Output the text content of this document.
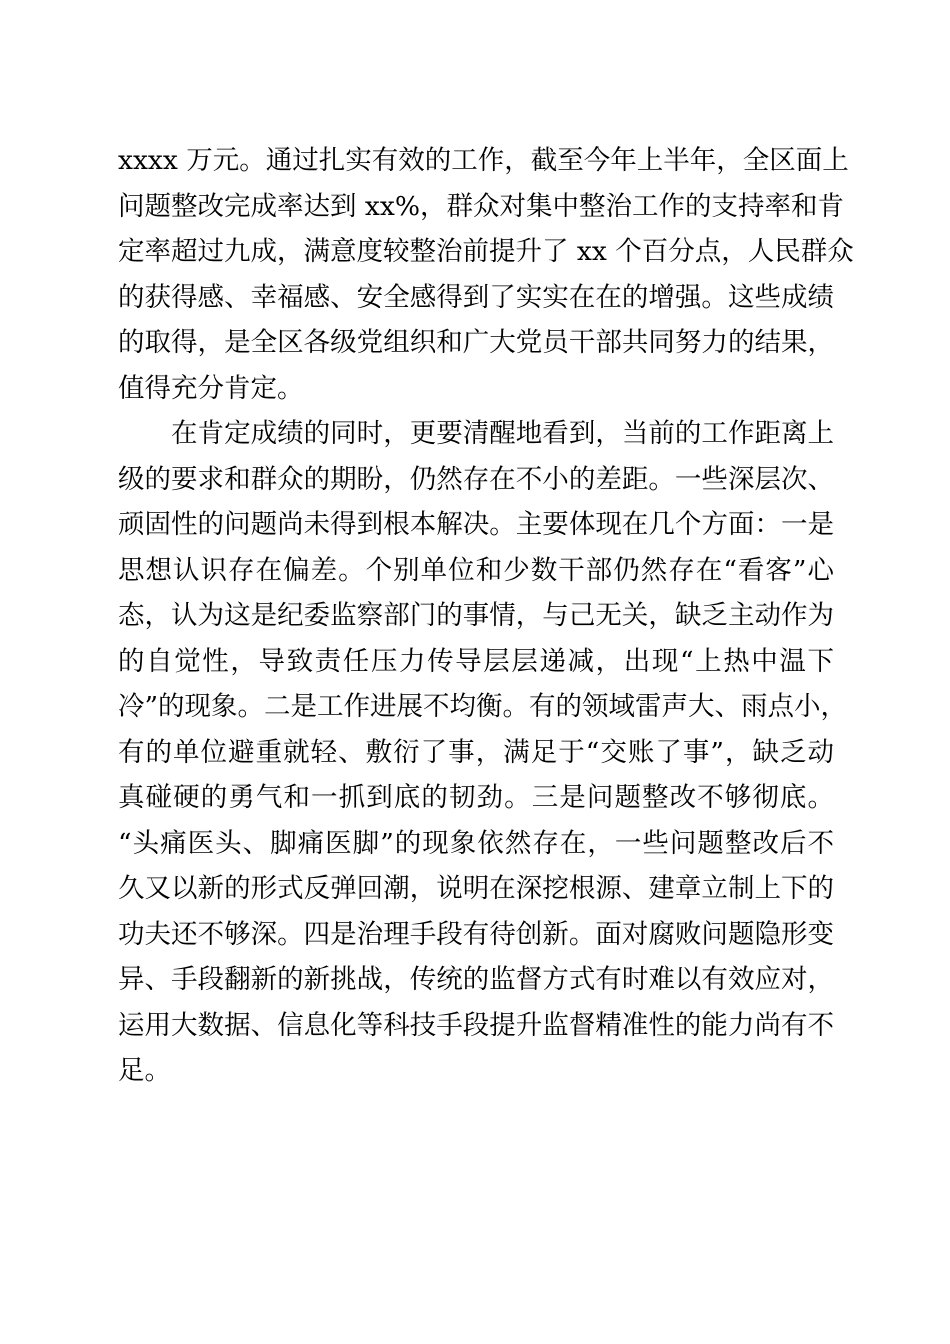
xxxx 万元。通过扎实有效的工作，截至今年上半年，全区面上
问题整改完成率达到 xx%，群众对集中整治工作的支持率和肯
定率超过九成，满意度较整治前提升了 xx 个百分点，人民群众
的获得感、幸福感、安全感得到了实实在在的增强。这些成绩
的取得，是全区各级党组织和广大党员干部共同努力的结果，
值得充分肯定。
　　在肯定成绩的同时，更要清醒地看到，当前的工作距离上
级的要求和群众的期盼，仍然存在不小的差距。一些深层次、
顽固性的问题尚未得到根本解决。主要体现在几个方面：一是
思想认识存在偏差。个别单位和少数干部仍然存在“看客”心
态，认为这是纪委监察部门的事情，与己无关，缺乏主动作为
的自觉性，导致责任压力传导层层递减，出现“上热中温下
冷”的现象。二是工作进展不均衡。有的领域雷声大、雨点小，
有的单位避重就轻、敷衍了事，满足于“交账了事”，缺乏动
真碰硬的勇气和一抓到底的韧劲。三是问题整改不够彻底。
“头痛医头、脚痛医脚”的现象依然存在，一些问题整改后不
久又以新的形式反弹回潮，说明在深挖根源、建章立制上下的
功夫还不够深。四是治理手段有待创新。面对腐败问题隐形变
异、手段翻新的新挑战，传统的监督方式有时难以有效应对，
运用大数据、信息化等科技手段提升监督精准性的能力尚有不
足。
